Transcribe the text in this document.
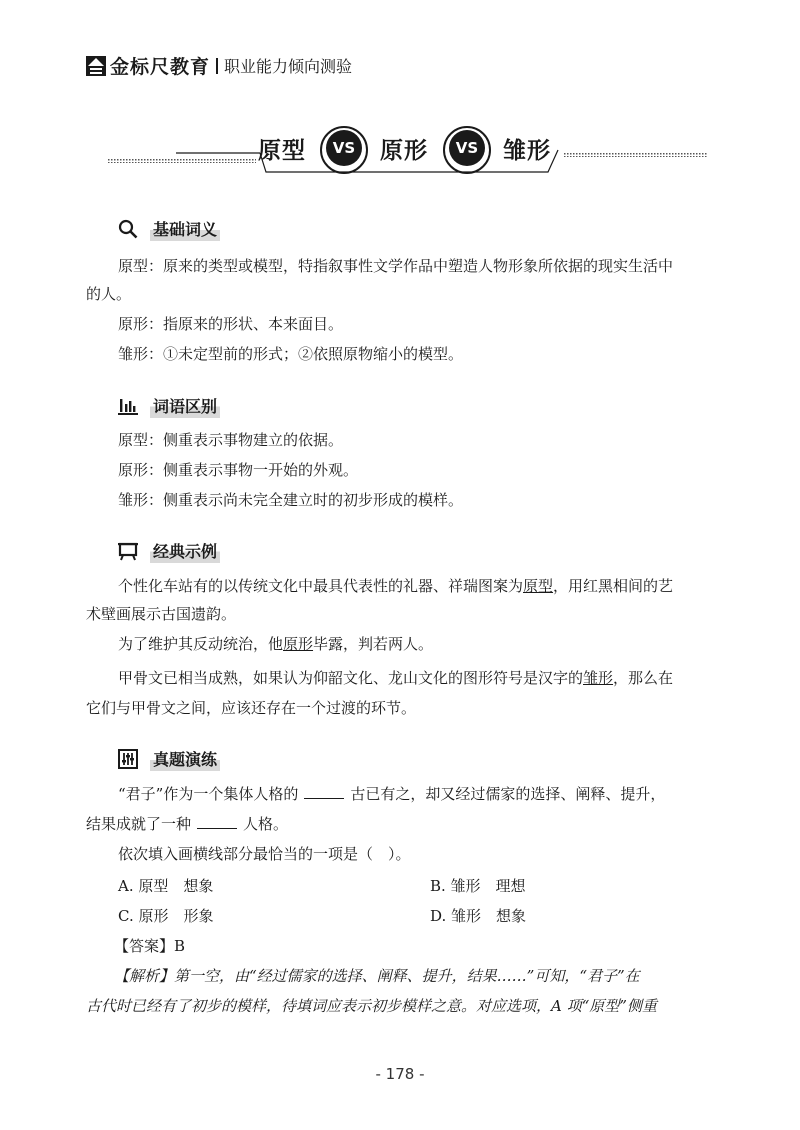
金标尺教育 职业能力倾向测验
原型	VS 原形	VS 雏形
基础词义
原型：原来的类型或模型，特指叙事性文学作品中塑造人物形象所依据的现实生活中
的人。
原形：指原来的形状、本来面目。
雏形：①未定型前的形式；②依照原物缩小的模型。
词语区别
原型：侧重表示事物建立的依据。
原形：侧重表示事物一开始的外观。
雏形：侧重表示尚未完全建立时的初步形成的模样。
经典示例
个性化车站有的以传统文化中最具代表性的礼器、祥瑞图案为原型，用红黑相间的艺
术壁画展示古国遗韵。
为了维护其反动统治，他原形毕露，判若两人。
甲骨文已相当成熟，如果认为仰韶文化、龙山文化的图形符号是汉字的雏形，那么在
它们与甲骨文之间，应该还存在一个过渡的环节。
真题演练
“君子”作为一个集体人格的	古已有之，却又经过儒家的选择、阐释、提升，
结果成就了一种	人格。
依次填入画横线部分最恰当的一项是（　）。
A. 原型　想象	B. 雏形　理想
C. 原形　形象	D. 雏形　想象
【答案】B
【解析】第一空，由“经过儒家的选择、阐释、提升，结果……”可知，“君子”在
古代时已经有了初步的模样，待填词应表示初步模样之意。对应选项，A 项“原型”侧重
- 178 -
